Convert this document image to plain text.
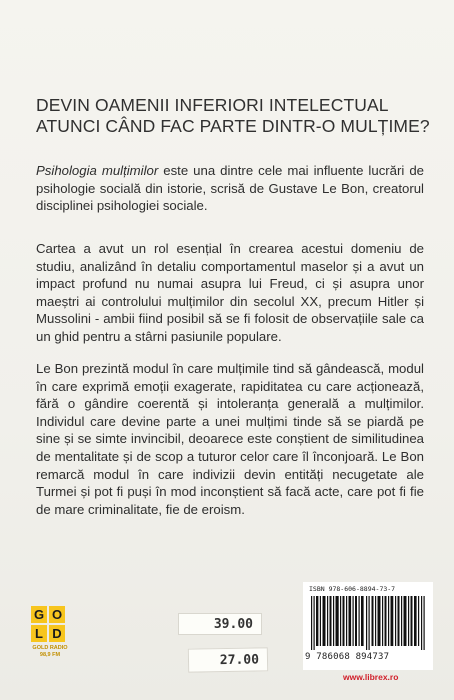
DEVIN OAMENII INFERIORI INTELECTUAL
ATUNCI CÂND FAC PARTE DINTR-O MULȚIME?

Psihologia mulțimilor este una dintre cele mai influente lucrări de psihologie socială din istorie, scrisă de Gustave Le Bon, creatorul disciplinei psihologiei sociale.

Cartea a avut un rol esențial în crearea acestui domeniu de studiu, analizând în detaliu comportamentul maselor și a avut un impact profund nu numai asupra lui Freud, ci și asupra unor maeștri ai controlului mulțimilor din secolul XX, precum Hitler și Mussolini - ambii fiind posibil să se fi folosit de observațiile sale ca un ghid pentru a stârni pasiunile populare.

Le Bon prezintă modul în care mulțimile tind să gândească, modul în care exprimă emoții exagerate, rapiditatea cu care acționează, fără o gândire coerentă și intoleranța generală a mulțimilor. Individul care devine parte a unei mulțimi tinde să se piardă pe sine și se simte invincibil, deoarece este conștient de similitudinea de mentalitate și de scop a tuturor celor care îl înconjoară. Le Bon remarcă modul în care indivizii devin entități necugetate ale Turmei și pot fi puși în mod inconștient să facă acte, care pot fi fie de mare criminalitate, fie de eroism.

G O
L D
GOLD RADIO
98,9 FM
39.00
27.00
ISBN 978-606-8894-73-7
9 786068 894737
www.librex.ro
